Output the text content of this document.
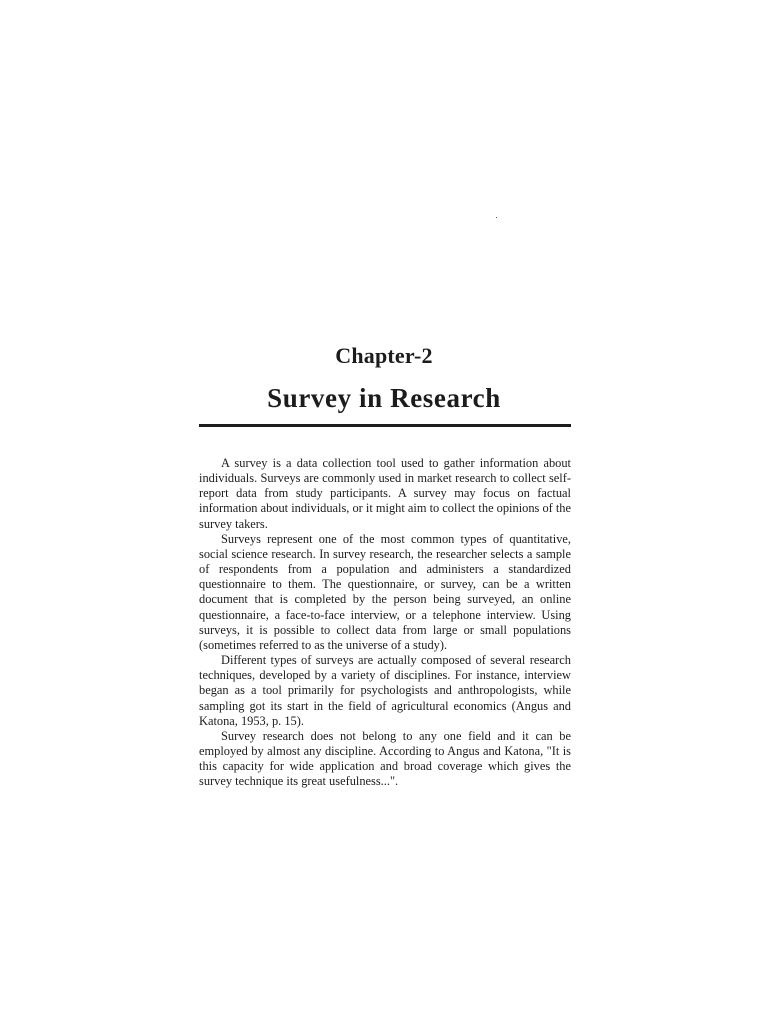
Chapter-2
Survey in Research

A survey is a data collection tool used to gather information about individuals. Surveys are commonly used in market research to collect self-report data from study participants. A survey may focus on factual information about individuals, or it might aim to collect the opinions of the survey takers.

Surveys represent one of the most common types of quantitative, social science research. In survey research, the researcher selects a sample of respondents from a population and administers a standardized questionnaire to them. The questionnaire, or survey, can be a written document that is completed by the person being surveyed, an online questionnaire, a face-to-face interview, or a telephone interview. Using surveys, it is possible to collect data from large or small populations (sometimes referred to as the universe of a study).

Different types of surveys are actually composed of several research techniques, developed by a variety of disciplines. For instance, interview began as a tool primarily for psychologists and anthropologists, while sampling got its start in the field of agricultural economics (Angus and Katona, 1953, p. 15).

Survey research does not belong to any one field and it can be employed by almost any discipline. According to Angus and Katona, "It is this capacity for wide application and broad coverage which gives the survey technique its great usefulness...".
